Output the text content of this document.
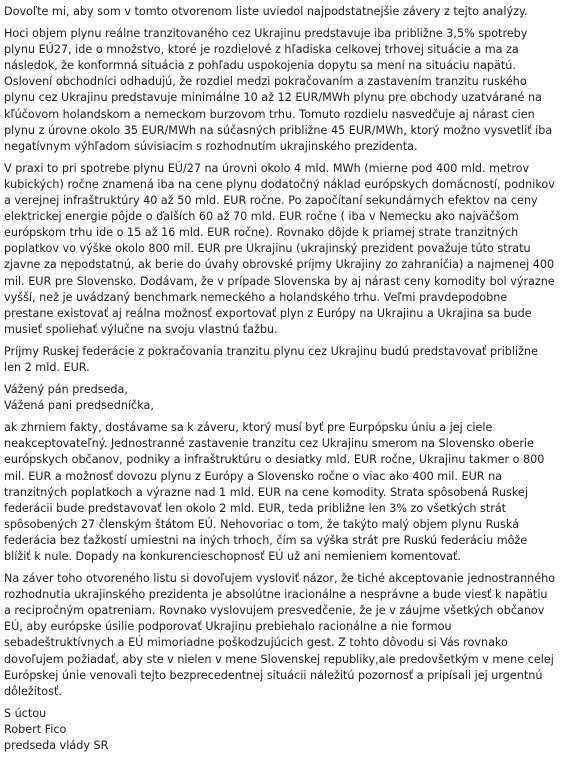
Dovoľte mi, aby som v tomto otvorenom liste uviedol najpodstatnejšie závery z tejto analýzy.

Hoci objem plynu reálne tranzitovaného cez Ukrajinu predstavuje iba približne 3,5% spotreby plynu EÚ27, ide o množstvo, ktoré je rozdielové z hľadiska celkovej trhovej situácie a ma za následok, že konformná situácia z pohľadu uspokojenia dopytu sa mení na situáciu napätú. Oslovení obchodníci odhadujú, že rozdiel medzi pokračovaním a zastavením tranzitu ruského plynu cez Ukrajinu predstavuje minimálne 10 až 12 EUR/MWh plynu pre obchody uzatvárané na kľúčovom holandskom a nemeckom burzovom trhu. Tomuto rozdielu nasvedčuje aj nárast cien plynu z úrovne okolo 35 EUR/MWh na súčasných približne 45 EUR/MWh, ktorý možno vysvetliť iba negatívnym výhľadom súvisiacim s rozhodnutím ukrajinského prezidenta.

V praxi to pri spotrebe plynu EÚ/27 na úrovni okolo 4 mld. MWh (mierne pod 400 mld. metrov kubických) ročne znamená iba na cene plynu dodatočný náklad európskych domácností, podnikov a verejnej infraštruktúry 40 až 50 mld. EUR ročne. Po započítaní sekundárnych efektov na ceny elektrickej energie pôjde o ďalších 60 až 70 mld. EUR ročne ( iba v Nemecku ako najväčšom európskom trhu ide o 15 až 16 mld. EUR ročne). Rovnako dôjde k priamej strate tranzitných poplatkov vo výške okolo 800 mil. EUR pre Ukrajinu (ukrajinský prezident považuje túto stratu zjavne za nepodstatnú, ak berie do úvahy obrovské príjmy Ukrajiny zo zahraničia) a najmenej 400 mil. EUR pre Slovensko. Dodávam, že v prípade Slovenska by aj nárast ceny komodity bol výrazne vyšší, než je uvádzaný benchmark nemeckého a holandského trhu. Veľmi pravdepodobne prestane existovať aj reálna možnosť exportovať plyn z Európy na Ukrajinu a Ukrajina sa bude musieť spoliehať výlučne na svoju vlastnú ťažbu.

Príjmy Ruskej federácie z pokračovania tranzitu plynu cez Ukrajinu budú predstavovať približne len 2 mld. EUR.

Vážený pán predseda,
Vážená pani predsedníčka,

ak zhrniem fakty, dostávame sa k záveru, ktorý musí byť pre Eurpópsku úniu a jej ciele neakceptovateľný. Jednostranné zastavenie tranzitu cez Ukrajinu smerom na Slovensko oberie európskych občanov, podniky a infraštruktúru o desiatky mld. EUR ročne, Ukrajinu takmer o 800 mil. EUR a možnosť dovozu plynu z Európy a Slovensko ročne o viac ako 400 mil. EUR na tranzitných poplatkoch a výrazne nad 1 mld. EUR na cene komodity. Strata spôsobená Ruskej federácii bude predstavovať len okolo 2 mld. EUR, teda približne len 3% zo všetkých strát spôsobených 27 členským štátom EÚ. Nehovoriac o tom, že takýto malý objem plynu Ruská federácia bez ťažkostí umiestni na iných trhoch, čím sa výška strát pre Ruskú federáciu môže blížiť k nule. Dopady na konkurencieschopnosť EÚ už ani nemieniem komentovať.

Na záver toho otvoreného listu si dovoľujem vysloviť názor, že tiché akceptovanie jednostranného rozhodnutia ukrajinského prezidenta je absolútne iracionálne a nesprávne a bude viesť k napätiu a recipročným opatreniam. Rovnako vyslovujem presvedčenie, že je v záujme všetkých občanov EÚ, aby európske úsilie podporovať Ukrajinu prebiehalo racionálne a nie formou sebadeštruktívnych a EÚ mimoriadne poškodzujúcich gest. Z tohto dôvodu si Vás rovnako dovoľujem požiadať, aby ste v nielen v mene Slovenskej republiky,ale predovšetkým v mene celej Európskej únie venovali tejto bezprecedentnej situácii náležitú pozornosť a pripísali jej urgentnú dôležitosť.

S úctou
Robert Fico
predseda vlády SR
